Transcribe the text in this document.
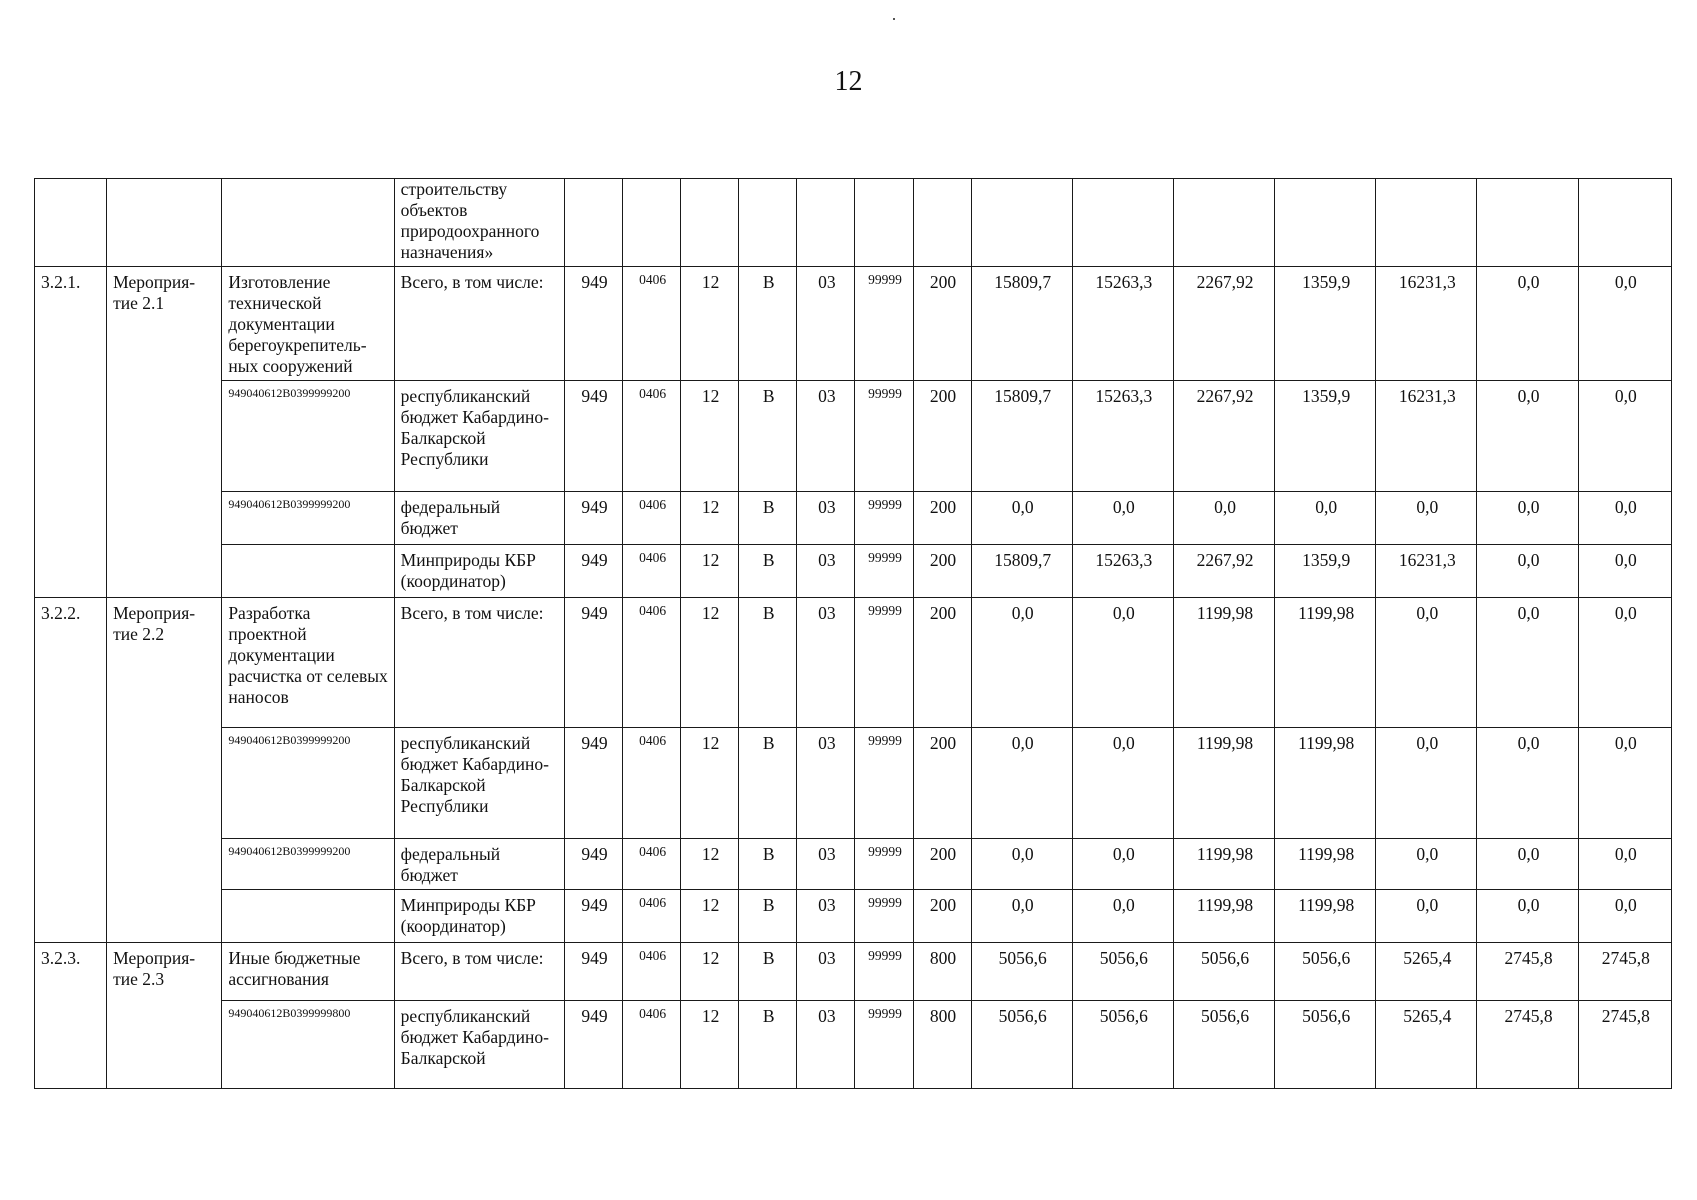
12
			строительству объектов природоохранного назначения»														
3.2.1.	Мероприя-тие 2.1	Изготовление технической документации берегоукрепитель-ных сооружений	Всего, в том числе:	949	0406	12	В	03	99999	200	15809,7	15263,3	2267,92	1359,9	16231,3	0,0	0,0
		949040612В0399999200	республиканский бюджет Кабардино-Балкарской Республики	949	0406	12	В	03	99999	200	15809,7	15263,3	2267,92	1359,9	16231,3	0,0	0,0
		949040612В0399999200	федеральный бюджет	949	0406	12	В	03	99999	200	0,0	0,0	0,0	0,0	0,0	0,0	0,0
			Минприроды КБР (координатор)	949	0406	12	В	03	99999	200	15809,7	15263,3	2267,92	1359,9	16231,3	0,0	0,0
3.2.2.	Мероприя-тие 2.2	Разработка проектной документации расчистка от селевых наносов	Всего, в том числе:	949	0406	12	В	03	99999	200	0,0	0,0	1199,98	1199,98	0,0	0,0	0,0
		949040612В0399999200	республиканский бюджет Кабардино-Балкарской Республики	949	0406	12	В	03	99999	200	0,0	0,0	1199,98	1199,98	0,0	0,0	0,0
		949040612В0399999200	федеральный бюджет	949	0406	12	В	03	99999	200	0,0	0,0	1199,98	1199,98	0,0	0,0	0,0
			Минприроды КБР (координатор)	949	0406	12	В	03	99999	200	0,0	0,0	1199,98	1199,98	0,0	0,0	0,0
3.2.3.	Мероприя-тие 2.3	Иные бюджетные ассигнования	Всего, в том числе:	949	0406	12	В	03	99999	800	5056,6	5056,6	5056,6	5056,6	5265,4	2745,8	2745,8
		949040612В0399999800	республиканский бюджет Кабардино-Балкарской	949	0406	12	В	03	99999	800	5056,6	5056,6	5056,6	5056,6	5265,4	2745,8	2745,8
